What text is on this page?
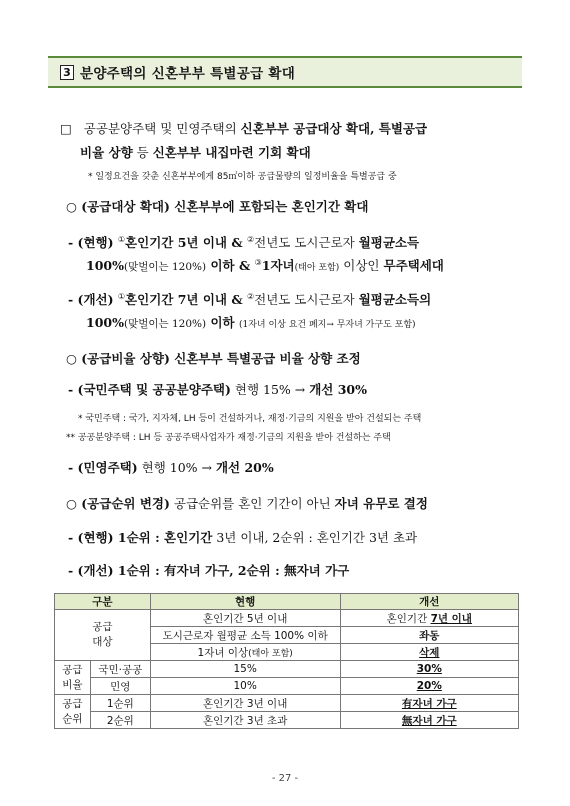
3 분양주택의 신혼부부 특별공급 확대
□ 공공분양주택 및 민영주택의 신혼부부 공급대상 확대, 특별공급
비율 상향 등 신혼부부 내집마련 기회 확대
* 일정요건을 갖춘 신혼부부에게 85㎡이하 공급물량의 일정비율을 특별공급 중
○ (공급대상 확대) 신혼부부에 포함되는 혼인기간 확대
- (현행) ①혼인기간 5년 이내 & ②전년도 도시근로자 월평균소득
100%(맞벌이는 120%) 이하 & ③1자녀(태아 포함) 이상인 무주택세대
- (개선) ①혼인기간 7년 이내 & ②전년도 도시근로자 월평균소득의
100%(맞벌이는 120%) 이하 (1자녀 이상 요건 폐지→ 무자녀 가구도 포함)
○ (공급비율 상향) 신혼부부 특별공급 비율 상향 조정
- (국민주택 및 공공분양주택) 현행 15% → 개선 30%
* 국민주택 : 국가, 지자체, LH 등이 건설하거나, 재정·기금의 지원을 받아 건설되는 주택
** 공공분양주택 : LH 등 공공주택사업자가 재정·기금의 지원을 받아 건설하는 주택
- (민영주택) 현행 10% → 개선 20%
○ (공급순위 변경) 공급순위를 혼인 기간이 아닌 자녀 유무로 결정
- (현행) 1순위 : 혼인기간 3년 이내, 2순위 : 혼인기간 3년 초과
- (개선) 1순위 : 有자녀 가구, 2순위 : 無자녀 가구
구분		현행	개선
공급
대상		혼인기간 5년 이내	혼인기간 7년 이내
		도시근로자 월평균 소득 100% 이하	좌동
		1자녀 이상(태아 포함)	삭제
공급
비율	국민·공공	15%	30%
	민영	10%	20%
공급
순위	1순위	혼인기간 3년 이내	有자녀 가구
	2순위	혼인기간 3년 초과	無자녀 가구
- 27 -
